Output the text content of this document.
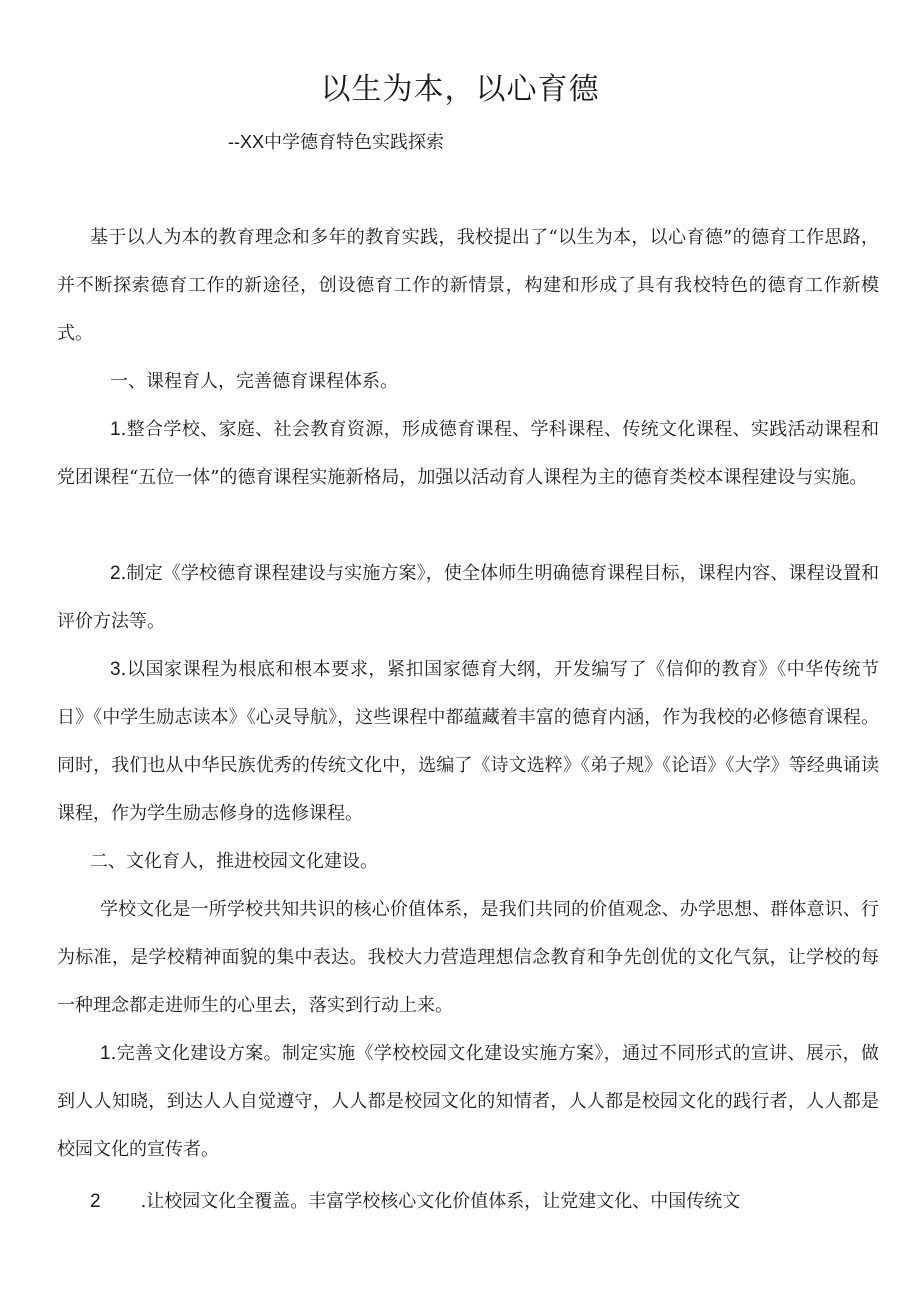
以生为本，以心育德
--XX中学德育特色实践探索

基于以人为本的教育理念和多年的教育实践，我校提出了“以生为本，以心育德”的德育工作思路，并不断探索德育工作的新途径，创设德育工作的新情景，构建和形成了具有我校特色的德育工作新模式。

一、课程育人，完善德育课程体系。

1.整合学校、家庭、社会教育资源，形成德育课程、学科课程、传统文化课程、实践活动课程和党团课程“五位一体”的德育课程实施新格局，加强以活动育人课程为主的德育类校本课程建设与实施。

2.制定《学校德育课程建设与实施方案》，使全体师生明确德育课程目标，课程内容、课程设置和评价方法等。

3.以国家课程为根底和根本要求，紧扣国家德育大纲，开发编写了《信仰的教育》《中华传统节日》《中学生励志读本》《心灵导航》，这些课程中都蕴藏着丰富的德育内涵，作为我校的必修德育课程。同时，我们也从中华民族优秀的传统文化中，选编了《诗文选粹》《弟子规》《论语》《大学》等经典诵读课程，作为学生励志修身的选修课程。

二、文化育人，推进校园文化建设。

学校文化是一所学校共知共识的核心价值体系，是我们共同的价值观念、办学思想、群体意识、行为标准，是学校精神面貌的集中表达。我校大力营造理想信念教育和争先创优的文化气氛，让学校的每一种理念都走进师生的心里去，落实到行动上来。

1.完善文化建设方案。制定实施《学校校园文化建设实施方案》，通过不同形式的宣讲、展示，做到人人知晓，到达人人自觉遵守，人人都是校园文化的知情者，人人都是校园文化的践行者，人人都是校园文化的宣传者。

2 .让校园文化全覆盖。丰富学校核心文化价值体系，让党建文化、中国传统文
